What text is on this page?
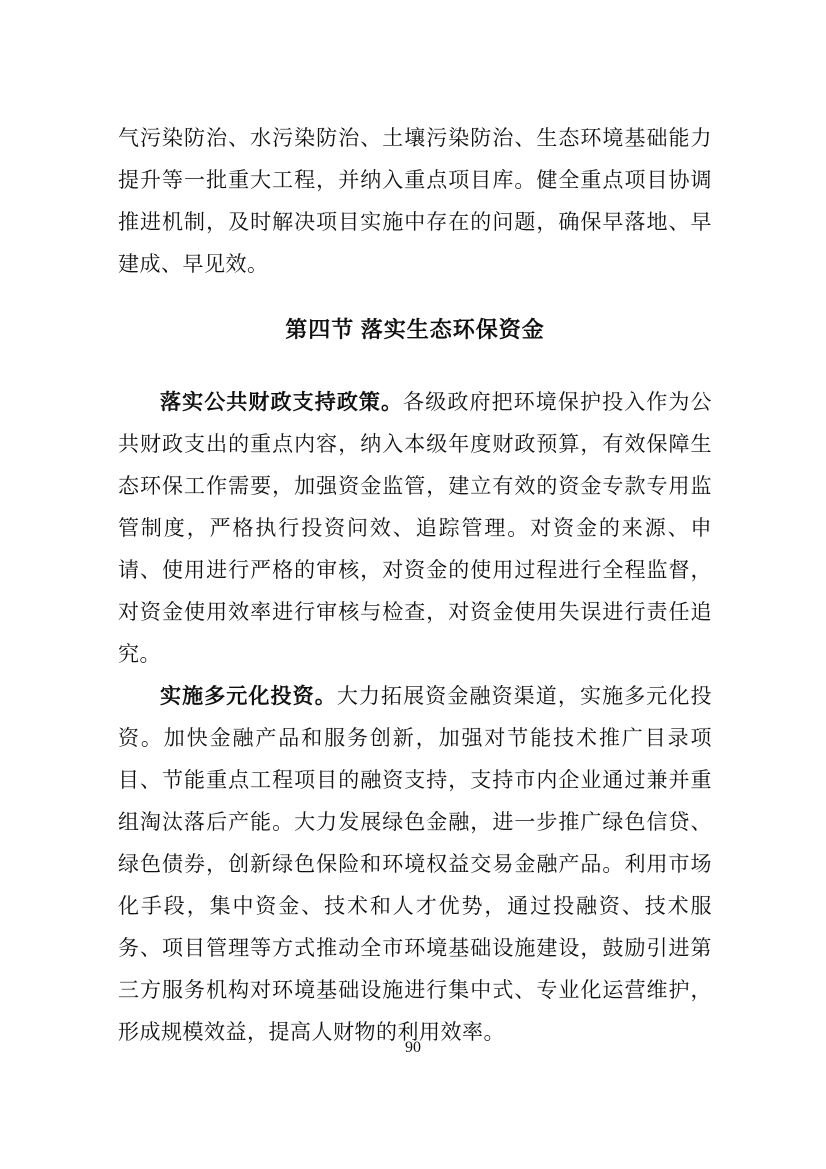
气污染防治、水污染防治、土壤污染防治、生态环境基础能力提升等一批重大工程，并纳入重点项目库。健全重点项目协调推进机制，及时解决项目实施中存在的问题，确保早落地、早建成、早见效。

第四节 落实生态环保资金

落实公共财政支持政策。各级政府把环境保护投入作为公共财政支出的重点内容，纳入本级年度财政预算，有效保障生态环保工作需要，加强资金监管，建立有效的资金专款专用监管制度，严格执行投资问效、追踪管理。对资金的来源、申请、使用进行严格的审核，对资金的使用过程进行全程监督，对资金使用效率进行审核与检查，对资金使用失误进行责任追究。

实施多元化投资。大力拓展资金融资渠道，实施多元化投资。加快金融产品和服务创新，加强对节能技术推广目录项目、节能重点工程项目的融资支持，支持市内企业通过兼并重组淘汰落后产能。大力发展绿色金融，进一步推广绿色信贷、绿色债券，创新绿色保险和环境权益交易金融产品。利用市场化手段，集中资金、技术和人才优势，通过投融资、技术服务、项目管理等方式推动全市环境基础设施建设，鼓励引进第三方服务机构对环境基础设施进行集中式、专业化运营维护，形成规模效益，提高人财物的利用效率。

90
